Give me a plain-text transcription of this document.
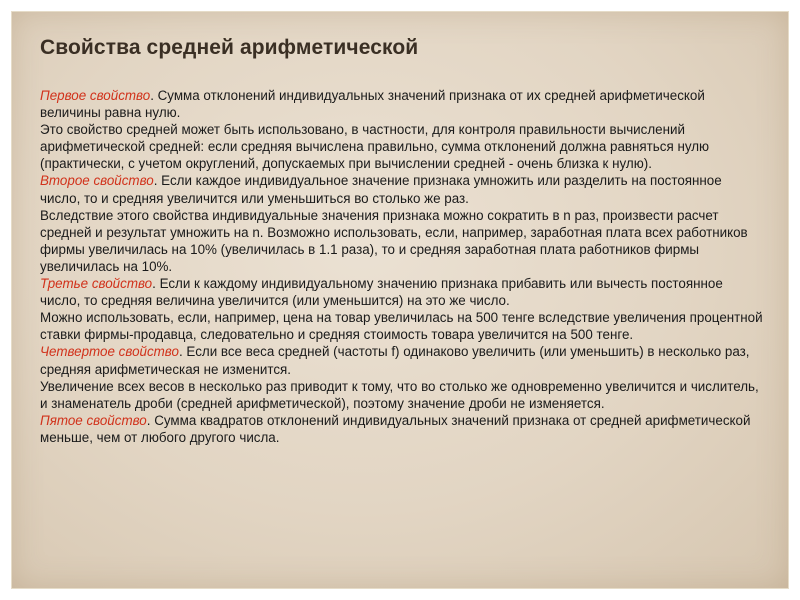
Свойства средней арифметической

Первое свойство. Сумма отклонений индивидуальных значений признака от их средней арифметической величины равна нулю.

Это свойство средней может быть использовано, в частности, для контроля правильности вычислений арифметической средней: если средняя вычислена правильно, сумма отклонений должна равняться нулю (практически, с учетом округлений, допускаемых при вычислении средней - очень близка к нулю).

Второе свойство. Если каждое индивидуальное значение признака умножить или разделить на постоянное число, то и средняя увеличится или уменьшиться во столько же раз.

Вследствие этого свойства индивидуальные значения признака можно сократить в n раз, произвести расчет средней и результат умножить на n. Возможно использовать, если, например, заработная плата всех работников фирмы увеличилась на 10% (увеличилась в 1.1 раза), то и средняя заработная плата работников фирмы увеличилась на 10%.

Третье свойство. Если к каждому индивидуальному значению признака прибавить или вычесть постоянное число, то средняя величина увеличится (или уменьшится) на это же число.

Можно использовать, если, например, цена на товар увеличилась на 500 тенге вследствие увеличения процентной ставки фирмы-продавца, следовательно и средняя стоимость товара увеличится на 500 тенге.

Четвертое свойство. Если все веса средней (частоты f) одинаково увеличить (или уменьшить) в несколько раз, средняя арифметическая не изменится.

Увеличение всех весов в несколько раз приводит к тому, что во столько же одновременно увеличится и числитель, и знаменатель дроби (средней арифметической), поэтому значение дроби не изменяется.

Пятое свойство. Сумма квадратов отклонений индивидуальных значений признака от средней арифметической меньше, чем от любого другого числа.
